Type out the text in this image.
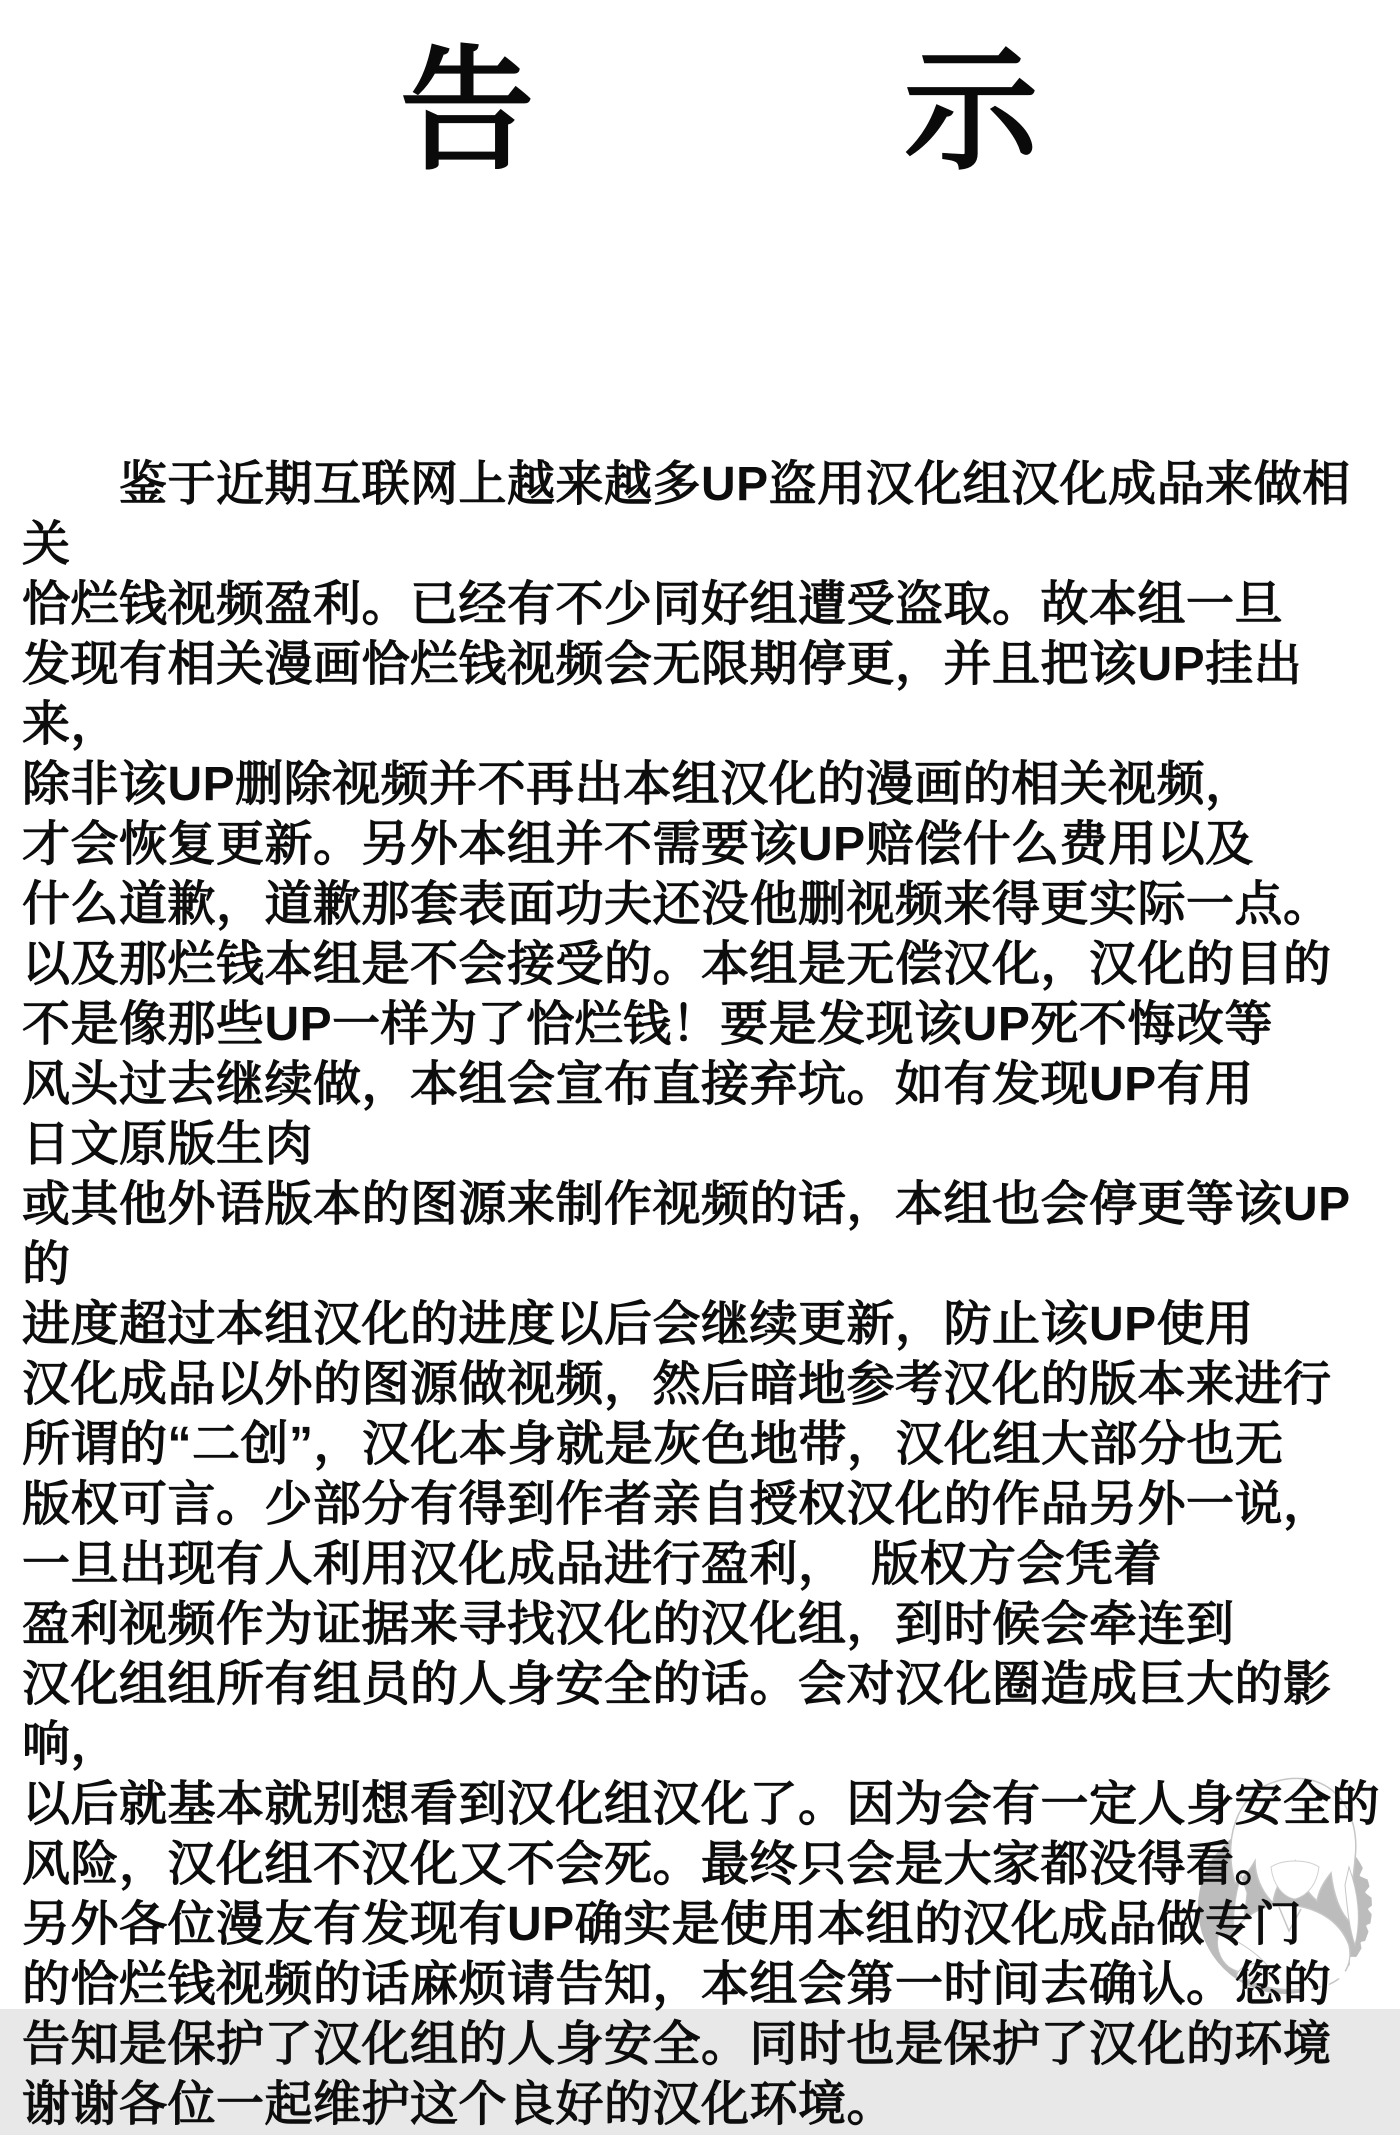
告	示
　　鉴于近期互联网上越来越多UP盗用汉化组汉化成品来做相关
恰烂钱视频盈利。已经有不少同好组遭受盗取。故本组一旦
发现有相关漫画恰烂钱视频会无限期停更，并且把该UP挂出来，
除非该UP删除视频并不再出本组汉化的漫画的相关视频，
才会恢复更新。另外本组并不需要该UP赔偿什么费用以及
什么道歉，道歉那套表面功夫还没他删视频来得更实际一点。
以及那烂钱本组是不会接受的。本组是无偿汉化，汉化的目的
不是像那些UP一样为了恰烂钱！要是发现该UP死不悔改等
风头过去继续做，本组会宣布直接弃坑。如有发现UP有用
日文原版生肉
或其他外语版本的图源来制作视频的话，本组也会停更等该UP的
进度超过本组汉化的进度以后会继续更新，防止该UP使用
汉化成品以外的图源做视频，然后暗地参考汉化的版本来进行
所谓的“二创”，汉化本身就是灰色地带，汉化组大部分也无
版权可言。少部分有得到作者亲自授权汉化的作品另外一说，
一旦出现有人利用汉化成品进行盈利，　版权方会凭着
盈利视频作为证据来寻找汉化的汉化组，到时候会牵连到
汉化组组所有组员的人身安全的话。会对汉化圈造成巨大的影响，
以后就基本就别想看到汉化组汉化了。因为会有一定人身安全的
风险，汉化组不汉化又不会死。最终只会是大家都没得看。
另外各位漫友有发现有UP确实是使用本组的汉化成品做专门
的恰烂钱视频的话麻烦请告知，本组会第一时间去确认。您的
告知是保护了汉化组的人身安全。同时也是保护了汉化的环境
谢谢各位一起维护这个良好的汉化环境。
